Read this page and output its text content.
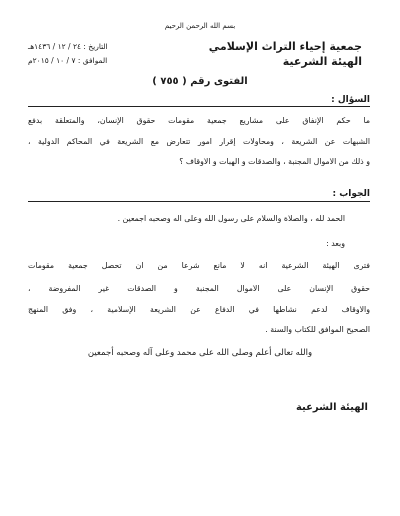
بسم الله الرحمن الرحيم
جمعية إحياء التراث الإسلامي
الهيئة الشرعية
التاريخ : ٢٤ / ١٢ / ١٤٣٦هـ
الموافق : ٧ / ١٠ / ٢٠١٥م
الفتوى رقم ( ٧٥٥ )
السؤال :
ما حكم الإنفاق على مشاريع جمعية مقومات حقوق الإنسان، والمتعلقة بدفع
الشبهات عن الشريعة ، ومحاولات إقرار أمور تتعارض مع الشريعة في المحاكم الدولية ،
و ذلك من الأموال المجنبة ، والصدقات و الهبات و الأوقاف ؟
الجواب :
الحمد لله ، والصلاة والسلام على رسول الله وعلى آله وصحبه أجمعين .
وبعد :
فترى الهيئة الشرعية أنه لا مانع شرعاً من أن تحصل جمعية مقومات
حقوق الإنسان على الأموال المجنبة و الصدقات غير المفروضة ،
والأوقاف لدعم نشاطها في الدفاع عن الشريعة الإسلامية ، وفق المنهج
الصحيح الموافق للكتاب والسنة .
والله تعالى أعلم وصلى الله على محمد وعلى آله وصحبه أجمعين
الهيئة الشرعية
